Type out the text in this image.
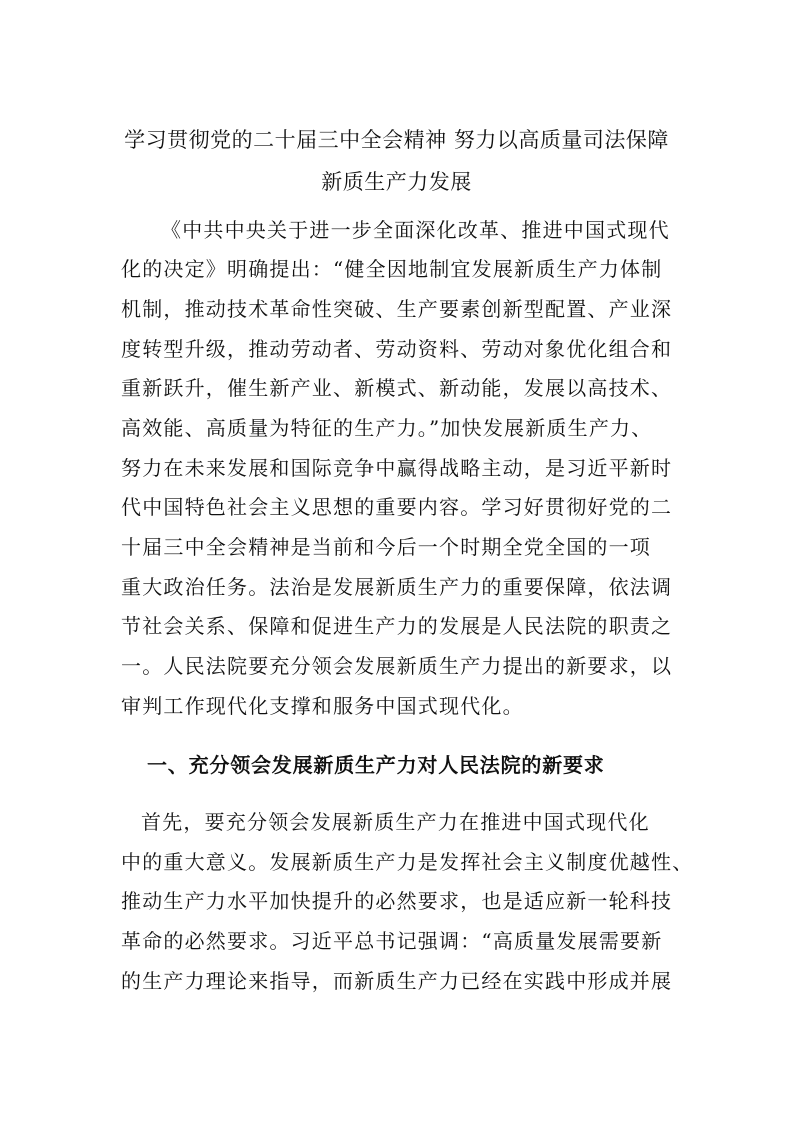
学习贯彻党的二十届三中全会精神 努力以高质量司法保障
新质生产力发展
《中共中央关于进一步全面深化改革、推进中国式现代
化的决定》明确提出：“健全因地制宜发展新质生产力体制
机制，推动技术革命性突破、生产要素创新型配置、产业深
度转型升级，推动劳动者、劳动资料、劳动对象优化组合和
重新跃升，催生新产业、新模式、新动能，发展以高技术、
高效能、高质量为特征的生产力。”加快发展新质生产力、
努力在未来发展和国际竞争中赢得战略主动，是习近平新时
代中国特色社会主义思想的重要内容。学习好贯彻好党的二
十届三中全会精神是当前和今后一个时期全党全国的一项
重大政治任务。法治是发展新质生产力的重要保障，依法调
节社会关系、保障和促进生产力的发展是人民法院的职责之
一。人民法院要充分领会发展新质生产力提出的新要求，以
审判工作现代化支撑和服务中国式现代化。
一、充分领会发展新质生产力对人民法院的新要求
首先，要充分领会发展新质生产力在推进中国式现代化
中的重大意义。发展新质生产力是发挥社会主义制度优越性、
推动生产力水平加快提升的必然要求，也是适应新一轮科技
革命的必然要求。习近平总书记强调：“高质量发展需要新
的生产力理论来指导，而新质生产力已经在实践中形成并展
